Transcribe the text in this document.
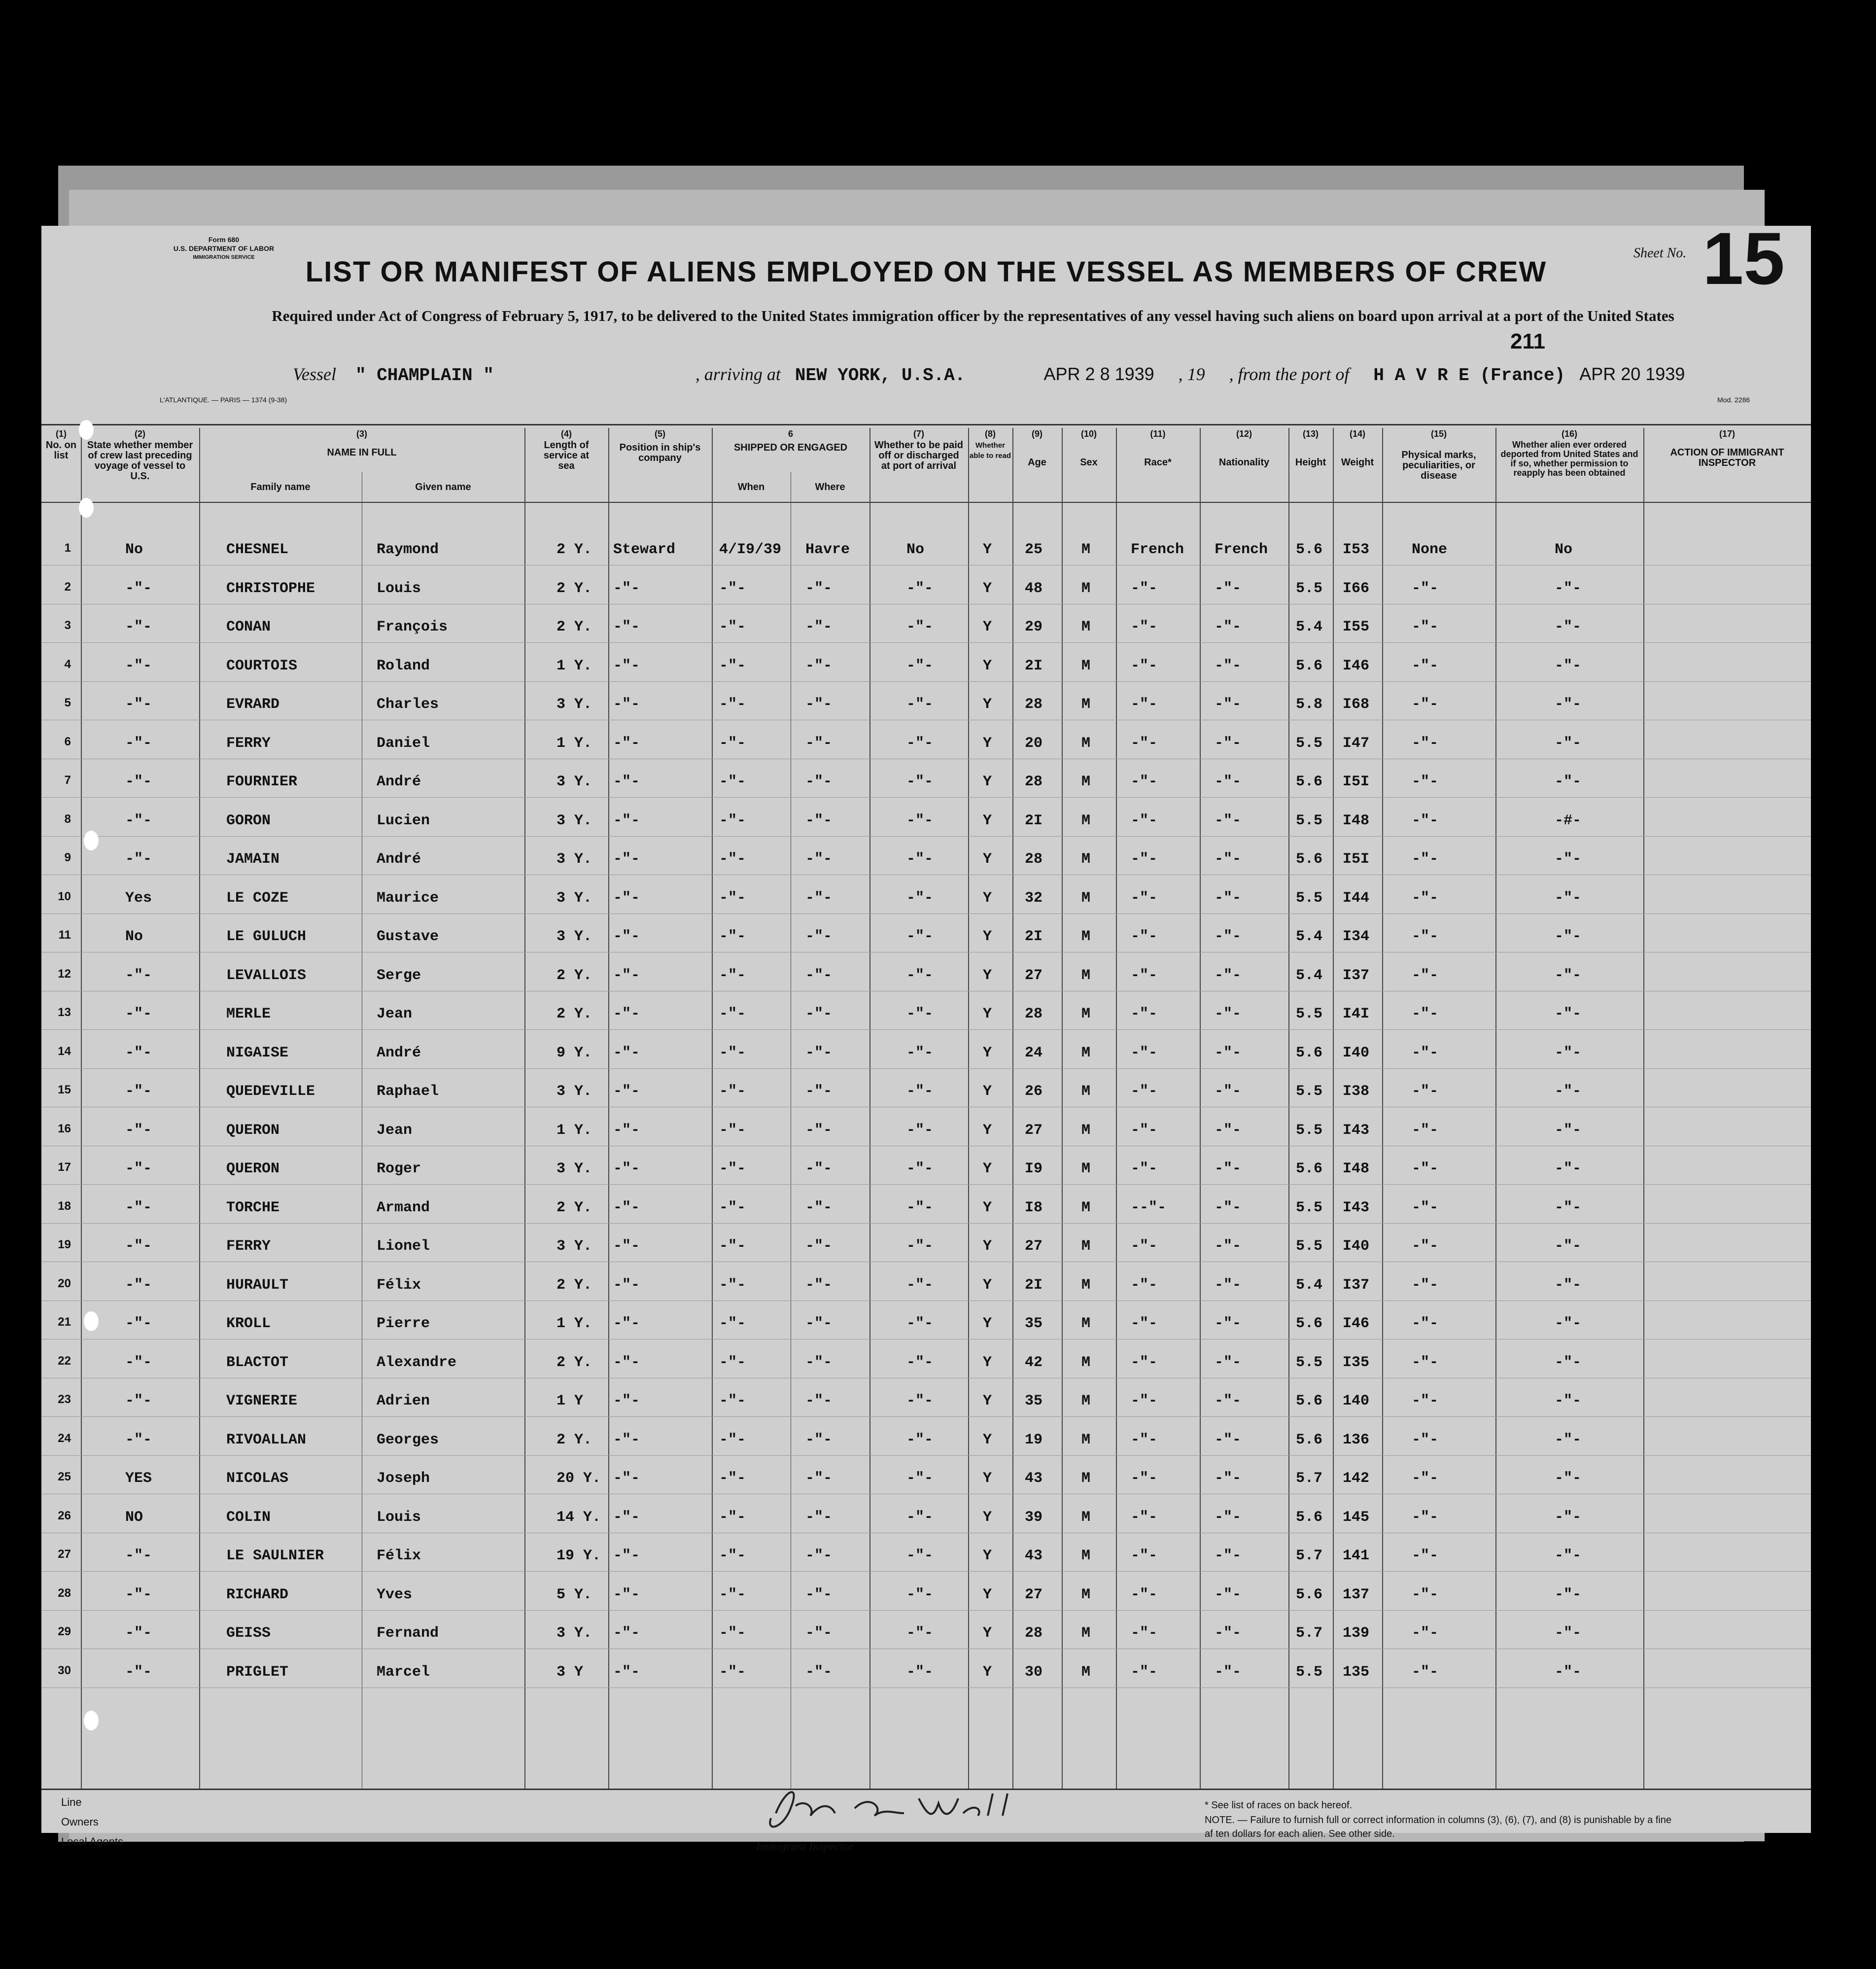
Form 680
U.S. DEPARTMENT OF LABOR
IMMIGRATION SERVICE	Sheet No. 15
LIST OR MANIFEST OF ALIENS EMPLOYED ON THE VESSEL AS MEMBERS OF CREW
Required under Act of Congress of February 5, 1917, to be delivered to the United States immigration officer by the representatives of any vessel having such aliens on board upon arrival at a port of the United States
211
Vessel " CHAMPLAIN "	, arriving at NEW YORK, U.S.A.	APR 2 8 1939 , 19 , from the port of H A V R E (France) APR 20 1939
L'ATLANTIQUE. — PARIS — 1374 (9-38)	Mod. 2286
(1)
No. on list
(2)
State whether member of crew last preceding voyage of vessel to U.S.
(3)
NAME IN FULL
Family name	Given name
(4)
Length of service at sea
(5)
Position in ship's company
6
SHIPPED OR ENGAGED
When	Where
(7)
Whether to be paid off or discharged at port of arrival
(8)
Whether able to read
(9)
Age
(10)
Sex
(11)
Race*
(12)
Nationality
(13)
Height
(14)
Weight
(15)
Physical marks, peculiarities, or disease
(16)
Whether alien ever ordered deported from United States and if so, whether permission to reapply has been obtained
(17)
ACTION OF IMMIGRANT INSPECTOR
1	No	CHESNEL	Raymond	2 Y. Steward	4/I9/39 Havre	No	Y 25	M	French French 5.6 I53	None	No
2	-"-	CHRISTOPHE	Louis	2 Y. -"-	-"-	-"-	-"-	Y 48	M	-"-	-"-	5.5 I66	-"-	-"-
3	-"-	CONAN	François	2 Y. -"-	-"-	-"-	-"-	Y 29	M	-"-	-"-	5.4 I55	-"-	-"-
4	-"-	COURTOIS	Roland	1 Y. -"-	-"-	-"-	-"-	Y 2I	M	-"-	-"-	5.6 I46	-"-	-"-
5	-"-	EVRARD	Charles	3 Y. -"-	-"-	-"-	-"-	Y 28	M	-"-	-"-	5.8 I68	-"-	-"-
6	-"-	FERRY	Daniel	1 Y. -"-	-"-	-"-	-"-	Y 20	M	-"-	-"-	5.5 I47	-"-	-"-
7	-"-	FOURNIER	André	3 Y. -"-	-"-	-"-	-"-	Y 28	M	-"-	-"-	5.6 I5I	-"-	-"-
8	-"-	GORON	Lucien	3 Y. -"-	-"-	-"-	-"-	Y 2I	M	-"-	-"-	5.5 I48	-"-	-#-
9	-"-	JAMAIN	André	3 Y. -"-	-"-	-"-	-"-	Y 28	M	-"-	-"-	5.6 I5I	-"-	-"-
10	Yes	LE COZE	Maurice	3 Y. -"-	-"-	-"-	-"-	Y 32	M	-"-	-"-	5.5 I44	-"-	-"-
11	No	LE GULUCH	Gustave	3 Y. -"-	-"-	-"-	-"-	Y 2I	M	-"-	-"-	5.4 I34	-"-	-"-
12	-"-	LEVALLOIS	Serge	2 Y. -"-	-"-	-"-	-"-	Y 27	M	-"-	-"-	5.4 I37	-"-	-"-
13	-"-	MERLE	Jean	2 Y. -"-	-"-	-"-	-"-	Y 28	M	-"-	-"-	5.5 I4I	-"-	-"-
14	-"-	NIGAISE	André	9 Y. -"-	-"-	-"-	-"-	Y 24	M	-"-	-"-	5.6 I40	-"-	-"-
15	-"-	QUEDEVILLE	Raphael	3 Y. -"-	-"-	-"-	-"-	Y 26	M	-"-	-"-	5.5 I38	-"-	-"-
16	-"-	QUERON	Jean	1 Y. -"-	-"-	-"-	-"-	Y 27	M	-"-	-"-	5.5 I43	-"-	-"-
17	-"-	QUERON	Roger	3 Y. -"-	-"-	-"-	-"-	Y I9	M	-"-	-"-	5.6 I48	-"-	-"-
18	-"-	TORCHE	Armand	2 Y. -"-	-"-	-"-	-"-	Y I8	M	--"-	-"-	5.5 I43	-"-	-"-
19	-"-	FERRY	Lionel	3 Y. -"-	-"-	-"-	-"-	Y 27	M	-"-	-"-	5.5 I40	-"-	-"-
20	-"-	HURAULT	Félix	2 Y. -"-	-"-	-"-	-"-	Y 2I	M	-"-	-"-	5.4 I37	-"-	-"-
21	-"-	KROLL	Pierre	1 Y. -"-	-"-	-"-	-"-	Y 35	M	-"-	-"-	5.6 I46	-"-	-"-
22	-"-	BLACTOT	Alexandre	2 Y. -"-	-"-	-"-	-"-	Y 42	M	-"-	-"-	5.5 I35	-"-	-"-
23	-"-	VIGNERIE	Adrien	1 Y -"-	-"-	-"-	-"-	Y 35	M	-"-	-"-	5.6 140	-"-	-"-
24	-"-	RIVOALLAN	Georges	2 Y. -"-	-"-	-"-	-"-	Y 19	M	-"-	-"-	5.6 136	-"-	-"-
25	YES	NICOLAS	Joseph	20 Y. -"-	-"-	-"-	-"-	Y 43	M	-"-	-"-	5.7 142	-"-	-"-
26	NO	COLIN	Louis	14 Y. -"-	-"-	-"-	-"-	Y 39	M	-"-	-"-	5.6 145	-"-	-"-
27	-"-	LE SAULNIER	Félix	19 Y. -"-	-"-	-"-	-"-	Y 43	M	-"-	-"-	5.7 141	-"-	-"-
28	-"-	RICHARD	Yves	5 Y. -"-	-"-	-"-	-"-	Y 27	M	-"-	-"-	5.6 137	-"-	-"-
29	-"-	GEISS	Fernand	3 Y. -"-	-"-	-"-	-"-	Y 28	M	-"-	-"-	5.7 139	-"-	-"-
30	-"-	PRIGLET	Marcel	3 Y -"-	-"-	-"-	-"-	Y 30	M	-"-	-"-	5.5 135	-"-	-"-
Line
Owners
Local Agents	Immigrant Inspector
* See list of races on back hereof.
NOTE. — Failure to furnish full or correct information in columns (3), (6), (7), and (8) is punishable by a fine af ten dollars for each alien. See other side.
